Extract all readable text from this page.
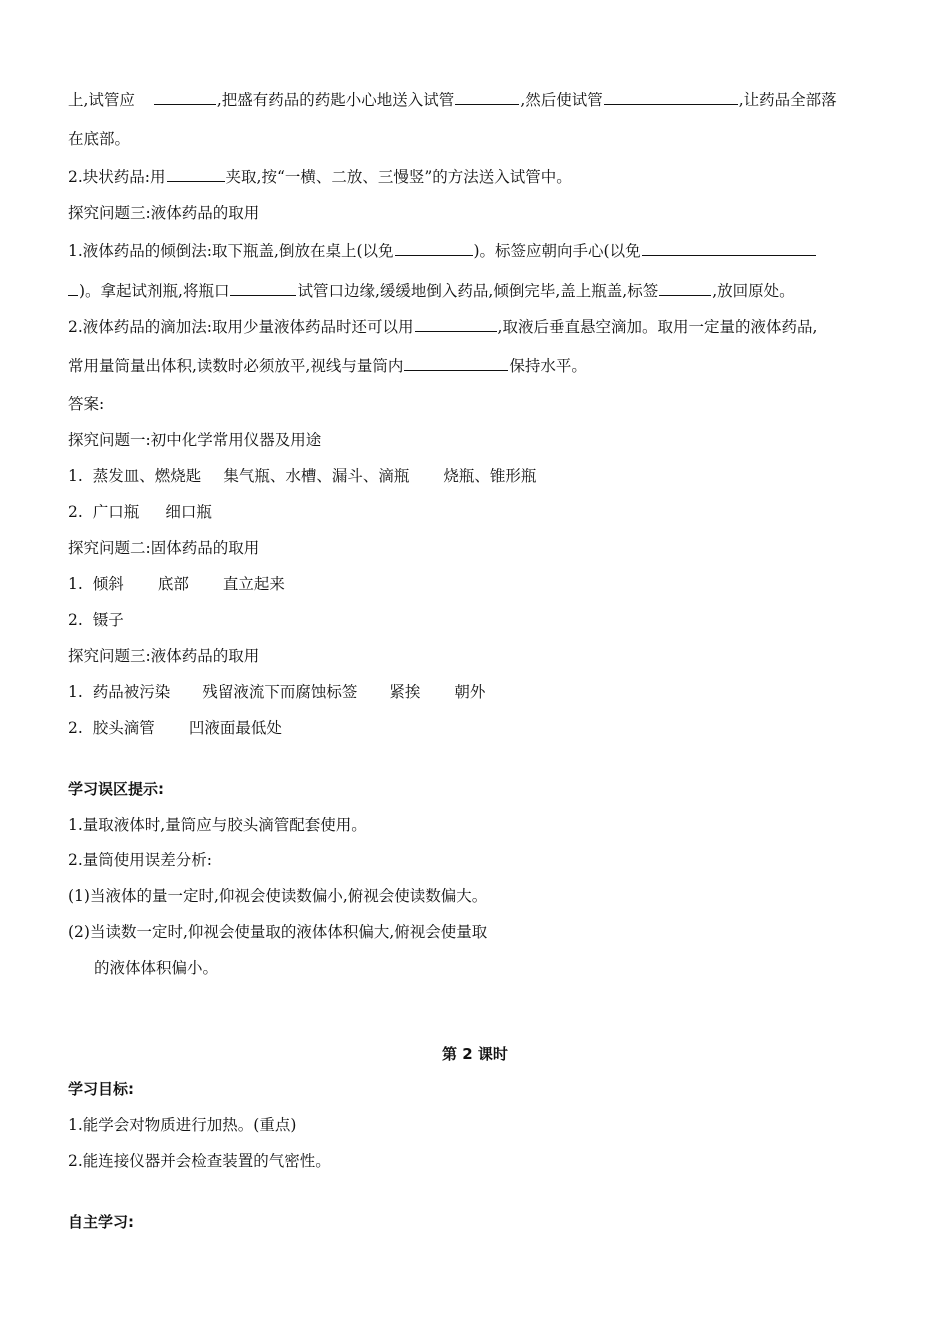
上,试管应	,把盛有药品的药匙小心地送入试管	,然后使试管	,让药品全部落
在底部。
2.块状药品:用	夹取,按“一横、二放、三慢竖”的方法送入试管中。
探究问题三:液体药品的取用
1.液体药品的倾倒法:取下瓶盖,倒放在桌上(以免	)。标签应朝向手心(以免
)。拿起试剂瓶,将瓶口	试管口边缘,缓缓地倒入药品,倾倒完毕,盖上瓶盖,标签	,放回原处。
2.液体药品的滴加法:取用少量液体药品时还可以用	,取液后垂直悬空滴加。取用一定量的液体药品,
常用量筒量出体积,读数时必须放平,视线与量筒内	保持水平。
答案:
探究问题一:初中化学常用仪器及用途
1. 蒸发皿、燃烧匙 集气瓶、水槽、漏斗、滴瓶 烧瓶、锥形瓶
2. 广口瓶 细口瓶
探究问题二:固体药品的取用
1. 倾斜 底部 直立起来
2. 镊子
探究问题三:液体药品的取用
1. 药品被污染 残留液流下而腐蚀标签 紧挨 朝外
2. 胶头滴管 凹液面最低处
学习误区提示:
1.量取液体时,量筒应与胶头滴管配套使用。
2.量筒使用误差分析:
(1)当液体的量一定时,仰视会使读数偏小,俯视会使读数偏大。
(2)当读数一定时,仰视会使量取的液体体积偏大,俯视会使量取
的液体体积偏小。
第 2 课时
学习目标:
1.能学会对物质进行加热。(重点)
2.能连接仪器并会检查装置的气密性。
自主学习:
